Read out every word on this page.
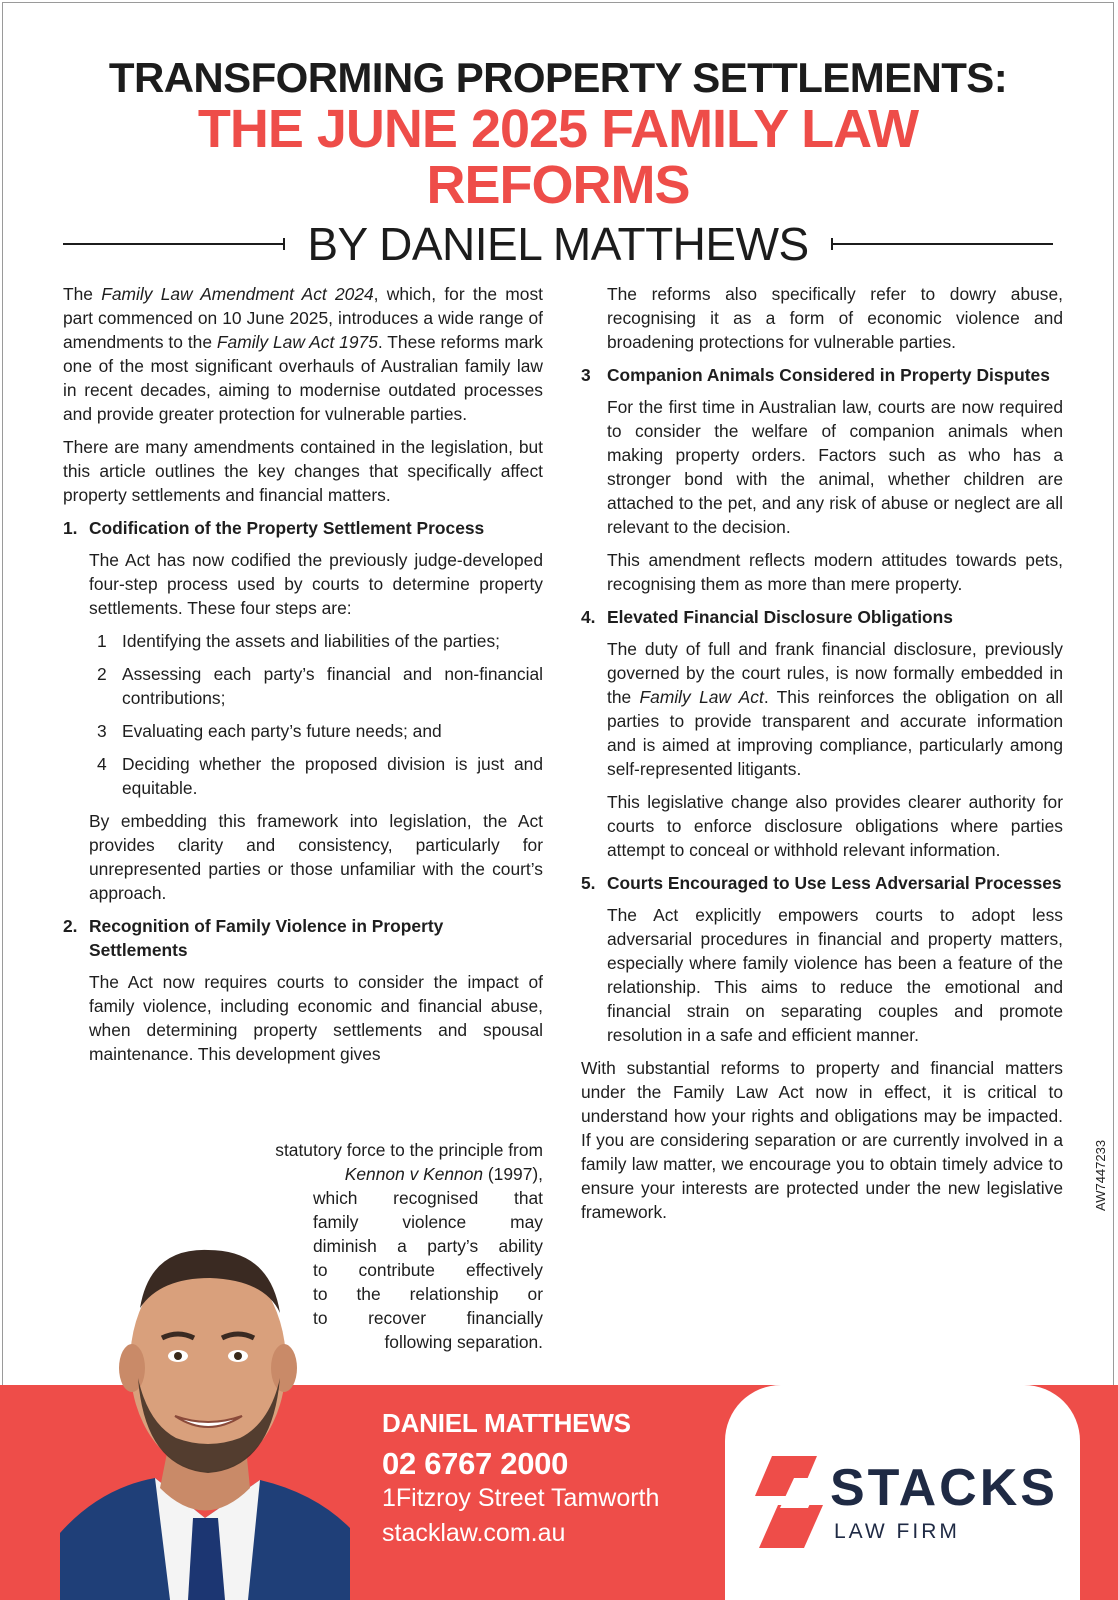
TRANSFORMING PROPERTY SETTLEMENTS:
THE JUNE 2025 FAMILY LAW REFORMS
BY DANIEL MATTHEWS

The Family Law Amendment Act 2024, which, for the most part commenced on 10 June 2025, introduces a wide range of amendments to the Family Law Act 1975. These reforms mark one of the most significant overhauls of Australian family law in recent decades, aiming to modernise outdated processes and provide greater protection for vulnerable parties.

There are many amendments contained in the legislation, but this article outlines the key changes that specifically affect property settlements and financial matters.

1. Codification of the Property Settlement Process

The Act has now codified the previously judge-developed four-step process used by courts to determine property settlements. These four steps are:

1 Identifying the assets and liabilities of the parties;
2 Assessing each party’s financial and non-financial contributions;
3 Evaluating each party’s future needs; and
4 Deciding whether the proposed division is just and equitable.

By embedding this framework into legislation, the Act provides clarity and consistency, particularly for unrepresented parties or those unfamiliar with the court’s approach.

2. Recognition of Family Violence in Property Settlements

The Act now requires courts to consider the impact of family violence, including economic and financial abuse, when determining property settlements and spousal maintenance. This development gives

statutory force to the principle from
Kennon v Kennon (1997),
which recognised that
family violence may
diminish a party’s ability
to contribute effectively
to the relationship or
to recover financially
following separation.

The reforms also specifically refer to dowry abuse, recognising it as a form of economic violence and broadening protections for vulnerable parties.

3 Companion Animals Considered in Property Disputes

For the first time in Australian law, courts are now required to consider the welfare of companion animals when making property orders. Factors such as who has a stronger bond with the animal, whether children are attached to the pet, and any risk of abuse or neglect are all relevant to the decision.

This amendment reflects modern attitudes towards pets, recognising them as more than mere property.

4. Elevated Financial Disclosure Obligations

The duty of full and frank financial disclosure, previously governed by the court rules, is now formally embedded in the Family Law Act. This reinforces the obligation on all parties to provide transparent and accurate information and is aimed at improving compliance, particularly among self-represented litigants.

This legislative change also provides clearer authority for courts to enforce disclosure obligations where parties attempt to conceal or withhold relevant information.

5. Courts Encouraged to Use Less Adversarial Processes

The Act explicitly empowers courts to adopt less adversarial procedures in financial and property matters, especially where family violence has been a feature of the relationship. This aims to reduce the emotional and financial strain on separating couples and promote resolution in a safe and efficient manner.

With substantial reforms to property and financial matters under the Family Law Act now in effect, it is critical to understand how your rights and obligations may be impacted. If you are considering separation or are currently involved in a family law matter, we encourage you to obtain timely advice to ensure your interests are protected under the new legislative framework.

AW7447233
DANIEL MATTHEWS
02 6767 2000
1Fitzroy Street Tamworth
stacklaw.com.au
STACKS
LAW FIRM
